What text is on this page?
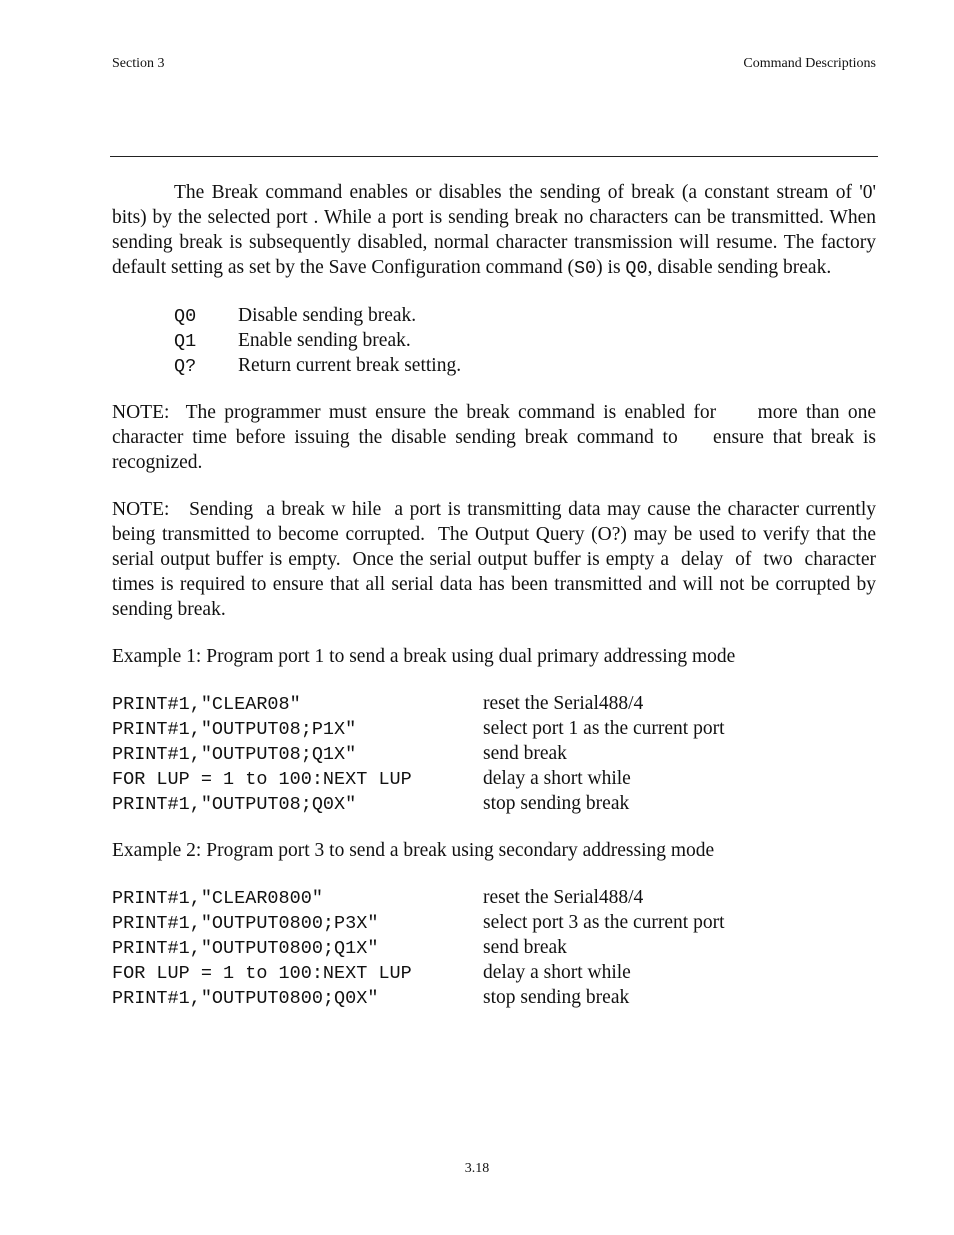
Section 3	Command Descriptions

The Break command enables or disables the sending of break (a constant stream of '0' bits) by the selected port . While a port is sending break no characters can be transmitted. When sending break is subsequently disabled, normal character transmission will resume. The factory default setting as set by the Save Configuration command (S0) is Q0, disable sending break.

Q0	Disable sending break.
Q1	Enable sending break.
Q?	Return current break setting.

NOTE:  The programmer must ensure the break command is enabled for     more than one character time before issuing the disable sending break command to    ensure that break is recognized.

NOTE:   Sending  a break w hile  a port is transmitting data may cause the character currently being transmitted to become corrupted.  The Output Query (O?) may be used to verify that the serial output buffer is empty.  Once the serial output buffer is empty a  delay  of  two  character times is required to ensure that all serial data has been transmitted and will not be corrupted by sending break.

Example 1: Program port 1 to send a break using dual primary addressing mode

PRINT#1,"CLEAR08"	reset the Serial488/4
PRINT#1,"OUTPUT08;P1X"	select port 1 as the current port
PRINT#1,"OUTPUT08;Q1X"	send break
FOR LUP = 1 to 100:NEXT LUP	delay a short while
PRINT#1,"OUTPUT08;Q0X"	stop sending break

Example 2: Program port 3 to send a break using secondary addressing mode

PRINT#1,"CLEAR0800"	reset the Serial488/4
PRINT#1,"OUTPUT0800;P3X"	select port 3 as the current port
PRINT#1,"OUTPUT0800;Q1X"	send break
FOR LUP = 1 to 100:NEXT LUP	delay a short while
PRINT#1,"OUTPUT0800;Q0X"	stop sending break
3.18
